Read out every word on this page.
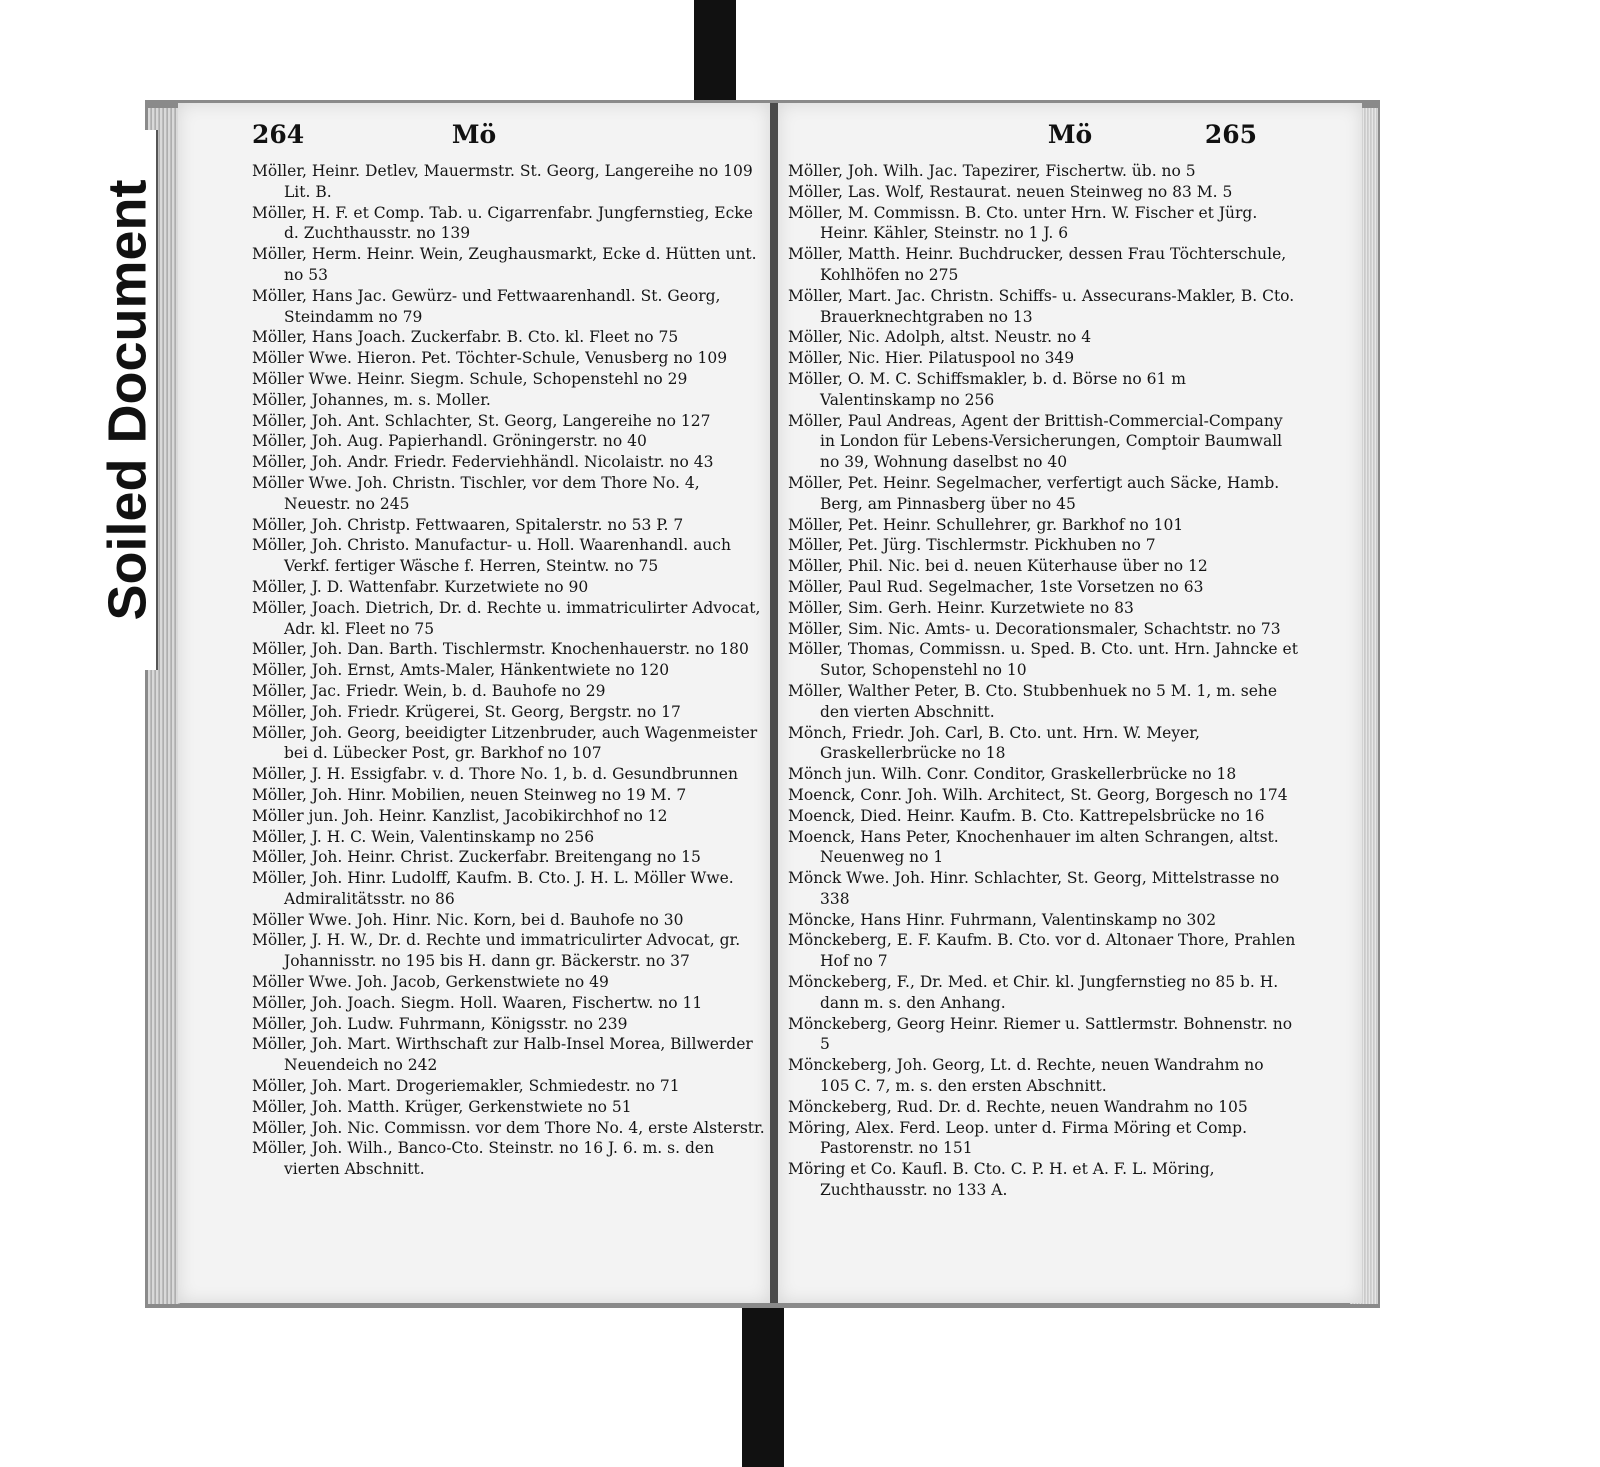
Soiled Document
264	Mö
Möller, Heinr. Detlev, Mauermstr. St. Georg, Langereihe no 109 Lit. B.
Möller, H. F. et Comp. Tab. u. Cigarrenfabr. Jungfernstieg, Ecke d. Zuchthausstr. no 139
Möller, Herm. Heinr. Wein, Zeughausmarkt, Ecke d. Hütten unt. no 53
Möller, Hans Jac. Gewürz- und Fettwaarenhandl. St. Georg, Steindamm no 79
Möller, Hans Joach. Zuckerfabr. B. Cto. kl. Fleet no 75
Möller Wwe. Hieron. Pet. Töchter-Schule, Venusberg no 109
Möller Wwe. Heinr. Siegm. Schule, Schopenstehl no 29
Möller, Johannes, m. s. Moller.
Möller, Joh. Ant. Schlachter, St. Georg, Langereihe no 127
Möller, Joh. Aug. Papierhandl. Gröningerstr. no 40
Möller, Joh. Andr. Friedr. Federviehhändl. Nicolaistr. no 43
Möller Wwe. Joh. Christn. Tischler, vor dem Thore No. 4, Neuestr. no 245
Möller, Joh. Christp. Fettwaaren, Spitalerstr. no 53 P. 7
Möller, Joh. Christo. Manufactur- u. Holl. Waarenhandl. auch Verkf. fertiger Wäsche f. Herren, Steintw. no 75
Möller, J. D. Wattenfabr. Kurzetwiete no 90
Möller, Joach. Dietrich, Dr. d. Rechte u. immatriculirter Advocat, Adr. kl. Fleet no 75
Möller, Joh. Dan. Barth. Tischlermstr. Knochenhauerstr. no 180
Möller, Joh. Ernst, Amts-Maler, Hänkentwiete no 120
Möller, Jac. Friedr. Wein, b. d. Bauhofe no 29
Möller, Joh. Friedr. Krügerei, St. Georg, Bergstr. no 17
Möller, Joh. Georg, beeidigter Litzenbruder, auch Wagenmeister bei d. Lübecker Post, gr. Barkhof no 107
Möller, J. H. Essigfabr. v. d. Thore No. 1, b. d. Gesundbrunnen
Möller, Joh. Hinr. Mobilien, neuen Steinweg no 19 M. 7
Möller jun. Joh. Heinr. Kanzlist, Jacobikirchhof no 12
Möller, J. H. C. Wein, Valentinskamp no 256
Möller, Joh. Heinr. Christ. Zuckerfabr. Breitengang no 15
Möller, Joh. Hinr. Ludolff, Kaufm. B. Cto. J. H. L. Möller Wwe. Admiralitätsstr. no 86
Möller Wwe. Joh. Hinr. Nic. Korn, bei d. Bauhofe no 30
Möller, J. H. W., Dr. d. Rechte und immatriculirter Advocat, gr. Johannisstr. no 195 bis H. dann gr. Bäckerstr. no 37
Möller Wwe. Joh. Jacob, Gerkenstwiete no 49
Möller, Joh. Joach. Siegm. Holl. Waaren, Fischertw. no 11
Möller, Joh. Ludw. Fuhrmann, Königsstr. no 239
Möller, Joh. Mart. Wirthschaft zur Halb-Insel Morea, Billwerder Neuendeich no 242
Möller, Joh. Mart. Drogeriemakler, Schmiedestr. no 71
Möller, Joh. Matth. Krüger, Gerkenstwiete no 51
Möller, Joh. Nic. Commissn. vor dem Thore No. 4, erste Alsterstr.
Möller, Joh. Wilh., Banco-Cto. Steinstr. no 16 J. 6. m. s. den vierten Abschnitt.
Mö	265
Möller, Joh. Wilh. Jac. Tapezirer, Fischertw. üb. no 5
Möller, Las. Wolf, Restaurat. neuen Steinweg no 83 M. 5
Möller, M. Commissn. B. Cto. unter Hrn. W. Fischer et Jürg. Heinr. Kähler, Steinstr. no 1 J. 6
Möller, Matth. Heinr. Buchdrucker, dessen Frau Töchterschule, Kohlhöfen no 275
Möller, Mart. Jac. Christn. Schiffs- u. Assecurans-Makler, B. Cto. Brauerknechtgraben no 13
Möller, Nic. Adolph, altst. Neustr. no 4
Möller, Nic. Hier. Pilatuspool no 349
Möller, O. M. C. Schiffsmakler, b. d. Börse no 61 m Valentinskamp no 256
Möller, Paul Andreas, Agent der Brittish-Commercial-Company in London für Lebens-Versicherungen, Comptoir Baumwall no 39, Wohnung daselbst no 40
Möller, Pet. Heinr. Segelmacher, verfertigt auch Säcke, Hamb. Berg, am Pinnasberg über no 45
Möller, Pet. Heinr. Schullehrer, gr. Barkhof no 101
Möller, Pet. Jürg. Tischlermstr. Pickhuben no 7
Möller, Phil. Nic. bei d. neuen Küterhause über no 12
Möller, Paul Rud. Segelmacher, 1ste Vorsetzen no 63
Möller, Sim. Gerh. Heinr. Kurzetwiete no 83
Möller, Sim. Nic. Amts- u. Decorationsmaler, Schachtstr. no 73
Möller, Thomas, Commissn. u. Sped. B. Cto. unt. Hrn. Jahncke et Sutor, Schopenstehl no 10
Möller, Walther Peter, B. Cto. Stubbenhuek no 5 M. 1, m. sehe den vierten Abschnitt.
Mönch, Friedr. Joh. Carl, B. Cto. unt. Hrn. W. Meyer, Graskellerbrücke no 18
Mönch jun. Wilh. Conr. Conditor, Graskellerbrücke no 18
Moenck, Conr. Joh. Wilh. Architect, St. Georg, Borgesch no 174
Moenck, Died. Heinr. Kaufm. B. Cto. Kattrepelsbrücke no 16
Moenck, Hans Peter, Knochenhauer im alten Schrangen, altst. Neuenweg no 1
Mönck Wwe. Joh. Hinr. Schlachter, St. Georg, Mittelstrasse no 338
Möncke, Hans Hinr. Fuhrmann, Valentinskamp no 302
Mönckeberg, E. F. Kaufm. B. Cto. vor d. Altonaer Thore, Prahlen Hof no 7
Mönckeberg, F., Dr. Med. et Chir. kl. Jungfernstieg no 85 b. H. dann m. s. den Anhang.
Mönckeberg, Georg Heinr. Riemer u. Sattlermstr. Bohnenstr. no 5
Mönckeberg, Joh. Georg, Lt. d. Rechte, neuen Wandrahm no 105 C. 7, m. s. den ersten Abschnitt.
Mönckeberg, Rud. Dr. d. Rechte, neuen Wandrahm no 105
Möring, Alex. Ferd. Leop. unter d. Firma Möring et Comp. Pastorenstr. no 151
Möring et Co. Kaufl. B. Cto. C. P. H. et A. F. L. Möring, Zuchthausstr. no 133 A.
